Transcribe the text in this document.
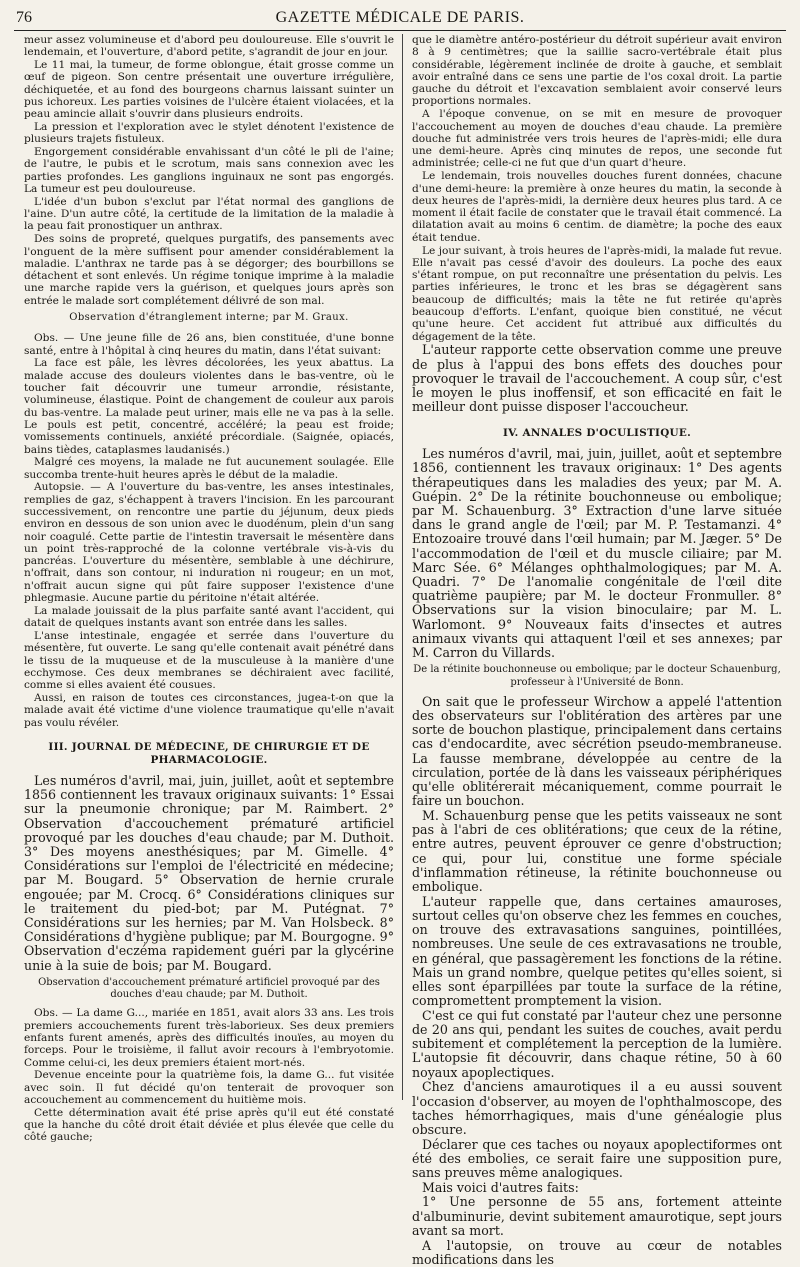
76	GAZETTE MÉDICALE DE PARIS.

meur assez volumineuse et d'abord peu douloureuse. Elle s'ouvrit le lendemain, et l'ouverture, d'abord petite, s'agrandit de jour en jour.

Le 11 mai, la tumeur, de forme oblongue, était grosse comme un œuf de pigeon. Son centre présentait une ouverture irrégulière, déchiquetée, et au fond des bourgeons charnus laissant suinter un pus ichoreux. Les parties voisines de l'ulcère étaient violacées, et la peau amincie allait s'ouvrir dans plusieurs endroits.

La pression et l'exploration avec le stylet dénotent l'existence de plusieurs trajets fistuleux.

Engorgement considérable envahissant d'un côté le pli de l'aine; de l'autre, le pubis et le scrotum, mais sans connexion avec les parties profondes. Les ganglions inguinaux ne sont pas engorgés. La tumeur est peu douloureuse.

L'idée d'un bubon s'exclut par l'état normal des ganglions de l'aine. D'un autre côté, la certitude de la limitation de la maladie à la peau fait pronostiquer un anthrax.

Des soins de propreté, quelques purgatifs, des pansements avec l'onguent de la mère suffisent pour amender considérablement la maladie. L'anthrax ne tarde pas à se dégorger; des bourbillons se détachent et sont enlevés. Un régime tonique imprime à la maladie une marche rapide vers la guérison, et quelques jours après son entrée le malade sort complétement délivré de son mal.

Observation d'étranglement interne; par M. Graux.

Obs. — Une jeune fille de 26 ans, bien constituée, d'une bonne santé, entre à l'hôpital à cinq heures du matin, dans l'état suivant:

La face est pâle, les lèvres décolorées, les yeux abattus. La malade accuse des douleurs violentes dans le bas-ventre, où le toucher fait découvrir une tumeur arrondie, résistante, volumineuse, élastique. Point de changement de couleur aux parois du bas-ventre. La malade peut uriner, mais elle ne va pas à la selle. Le pouls est petit, concentré, accéléré; la peau est froide; vomissements continuels, anxiété précordiale. (Saignée, opiacés, bains tièdes, cataplasmes laudanisés.)

Malgré ces moyens, la malade ne fut aucunement soulagée. Elle succomba trente-huit heures après le début de la maladie.

Autopsie. — A l'ouverture du bas-ventre, les anses intestinales, remplies de gaz, s'échappent à travers l'incision. En les parcourant successivement, on rencontre une partie du jéjunum, deux pieds environ en dessous de son union avec le duodénum, plein d'un sang noir coagulé. Cette partie de l'intestin traversait le mésentère dans un point très-rapproché de la colonne vertébrale vis-à-vis du pancréas. L'ouverture du mésentère, semblable à une déchirure, n'offrait, dans son contour, ni induration ni rougeur; en un mot, n'offrait aucun signe qui pût faire supposer l'existence d'une phlegmasie. Aucune partie du péritoine n'était altérée.

La malade jouissait de la plus parfaite santé avant l'accident, qui datait de quelques instants avant son entrée dans les salles.

L'anse intestinale, engagée et serrée dans l'ouverture du mésentère, fut ouverte. Le sang qu'elle contenait avait pénétré dans le tissu de la muqueuse et de la musculeuse à la manière d'une ecchymose. Ces deux membranes se déchiraient avec facilité, comme si elles avaient été cousues.

Aussi, en raison de toutes ces circonstances, jugea-t-on que la malade avait été victime d'une violence traumatique qu'elle n'avait pas voulu révéler.

III. JOURNAL DE MÉDECINE, DE CHIRURGIE ET DE PHARMACOLOGIE.

Les numéros d'avril, mai, juin, juillet, août et septembre 1856 contiennent les travaux originaux suivants: 1° Essai sur la pneumonie chronique; par M. Raimbert. 2° Observation d'accouchement prématuré artificiel provoqué par les douches d'eau chaude; par M. Duthoit. 3° Des moyens anesthésiques; par M. Gimelle. 4° Considérations sur l'emploi de l'électricité en médecine; par M. Bougard. 5° Observation de hernie crurale engouée; par M. Crocq. 6° Considérations cliniques sur le traitement du pied-bot; par M. Putégnat. 7° Considérations sur les hernies; par M. Van Holsbeck. 8° Considérations d'hygiène publique; par M. Bourgogne. 9° Observation d'eczéma rapidement guéri par la glycérine unie à la suie de bois; par M. Bougard.

Observation d'accouchement prématuré artificiel provoqué par des douches d'eau chaude; par M. Duthoit.

Obs. — La dame G..., mariée en 1851, avait alors 33 ans. Les trois premiers accouchements furent très-laborieux. Ses deux premiers enfants furent amenés, après des difficultés inouïes, au moyen du forceps. Pour le troisième, il fallut avoir recours à l'embryotomie. Comme celui-ci, les deux premiers étaient mort-nés.

Devenue enceinte pour la quatrième fois, la dame G... fut visitée avec soin. Il fut décidé qu'on tenterait de provoquer son accouchement au commencement du huitième mois.

Cette détermination avait été prise après qu'il eut été constaté que la hanche du côté droit était déviée et plus élevée que celle du côté gauche;

que le diamètre antéro-postérieur du détroit supérieur avait environ 8 à 9 centimètres; que la saillie sacro-vertébrale était plus considérable, légèrement inclinée de droite à gauche, et semblait avoir entraîné dans ce sens une partie de l'os coxal droit. La partie gauche du détroit et l'excavation semblaient avoir conservé leurs proportions normales.

A l'époque convenue, on se mit en mesure de provoquer l'accouchement au moyen de douches d'eau chaude. La première douche fut administrée vers trois heures de l'après-midi; elle dura une demi-heure. Après cinq minutes de repos, une seconde fut administrée; celle-ci ne fut que d'un quart d'heure.

Le lendemain, trois nouvelles douches furent données, chacune d'une demi-heure: la première à onze heures du matin, la seconde à deux heures de l'après-midi, la dernière deux heures plus tard. A ce moment il était facile de constater que le travail était commencé. La dilatation avait au moins 6 centim. de diamètre; la poche des eaux était tendue.

Le jour suivant, à trois heures de l'après-midi, la malade fut revue. Elle n'avait pas cessé d'avoir des douleurs. La poche des eaux s'étant rompue, on put reconnaître une présentation du pelvis. Les parties inférieures, le tronc et les bras se dégagèrent sans beaucoup de difficultés; mais la tête ne fut retirée qu'après beaucoup d'efforts. L'enfant, quoique bien constitué, ne vécut qu'une heure. Cet accident fut attribué aux difficultés du dégagement de la tête.

L'auteur rapporte cette observation comme une preuve de plus à l'appui des bons effets des douches pour provoquer le travail de l'accouchement. A coup sûr, c'est le moyen le plus inoffensif, et son efficacité en fait le meilleur dont puisse disposer l'accoucheur.

IV. ANNALES D'OCULISTIQUE.

Les numéros d'avril, mai, juin, juillet, août et septembre 1856, contiennent les travaux originaux: 1° Des agents thérapeutiques dans les maladies des yeux; par M. A. Guépin. 2° De la rétinite bouchonneuse ou embolique; par M. Schauenburg. 3° Extraction d'une larve située dans le grand angle de l'œil; par M. P. Testamanzi. 4° Entozoaire trouvé dans l'œil humain; par M. Jæger. 5° De l'accommodation de l'œil et du muscle ciliaire; par M. Marc Sée. 6° Mélanges ophthalmologiques; par M. A. Quadri. 7° De l'anomalie congénitale de l'œil dite quatrième paupière; par M. le docteur Fronmuller. 8° Observations sur la vision binoculaire; par M. L. Warlomont. 9° Nouveaux faits d'insectes et autres animaux vivants qui attaquent l'œil et ses annexes; par M. Carron du Villards.

De la rétinite bouchonneuse ou embolique; par le docteur Schauenburg, professeur à l'Université de Bonn.

On sait que le professeur Wirchow a appelé l'attention des observateurs sur l'oblitération des artères par une sorte de bouchon plastique, principalement dans certains cas d'endocardite, avec sécrétion pseudo-membraneuse. La fausse membrane, développée au centre de la circulation, portée de là dans les vaisseaux périphériques qu'elle oblitérerait mécaniquement, comme pourrait le faire un bouchon.

M. Schauenburg pense que les petits vaisseaux ne sont pas à l'abri de ces oblitérations; que ceux de la rétine, entre autres, peuvent éprouver ce genre d'obstruction; ce qui, pour lui, constitue une forme spéciale d'inflammation rétineuse, la rétinite bouchonneuse ou embolique.

L'auteur rappelle que, dans certaines amauroses, surtout celles qu'on observe chez les femmes en couches, on trouve des extravasations sanguines, pointillées, nombreuses. Une seule de ces extravasations ne trouble, en général, que passagèrement les fonctions de la rétine. Mais un grand nombre, quelque petites qu'elles soient, si elles sont éparpillées par toute la surface de la rétine, compromettent promptement la vision.

C'est ce qui fut constaté par l'auteur chez une personne de 20 ans qui, pendant les suites de couches, avait perdu subitement et complétement la perception de la lumière. L'autopsie fit découvrir, dans chaque rétine, 50 à 60 noyaux apoplectiques.

Chez d'anciens amaurotiques il a eu aussi souvent l'occasion d'observer, au moyen de l'ophthalmoscope, des taches hémorrhagiques, mais d'une généalogie plus obscure.

Déclarer que ces taches ou noyaux apoplectiformes ont été des embolies, ce serait faire une supposition pure, sans preuves même analogiques.

Mais voici d'autres faits:

1° Une personne de 55 ans, fortement atteinte d'albuminurie, devint subitement amaurotique, sept jours avant sa mort.

A l'autopsie, on trouve au cœur de notables modifications dans les
